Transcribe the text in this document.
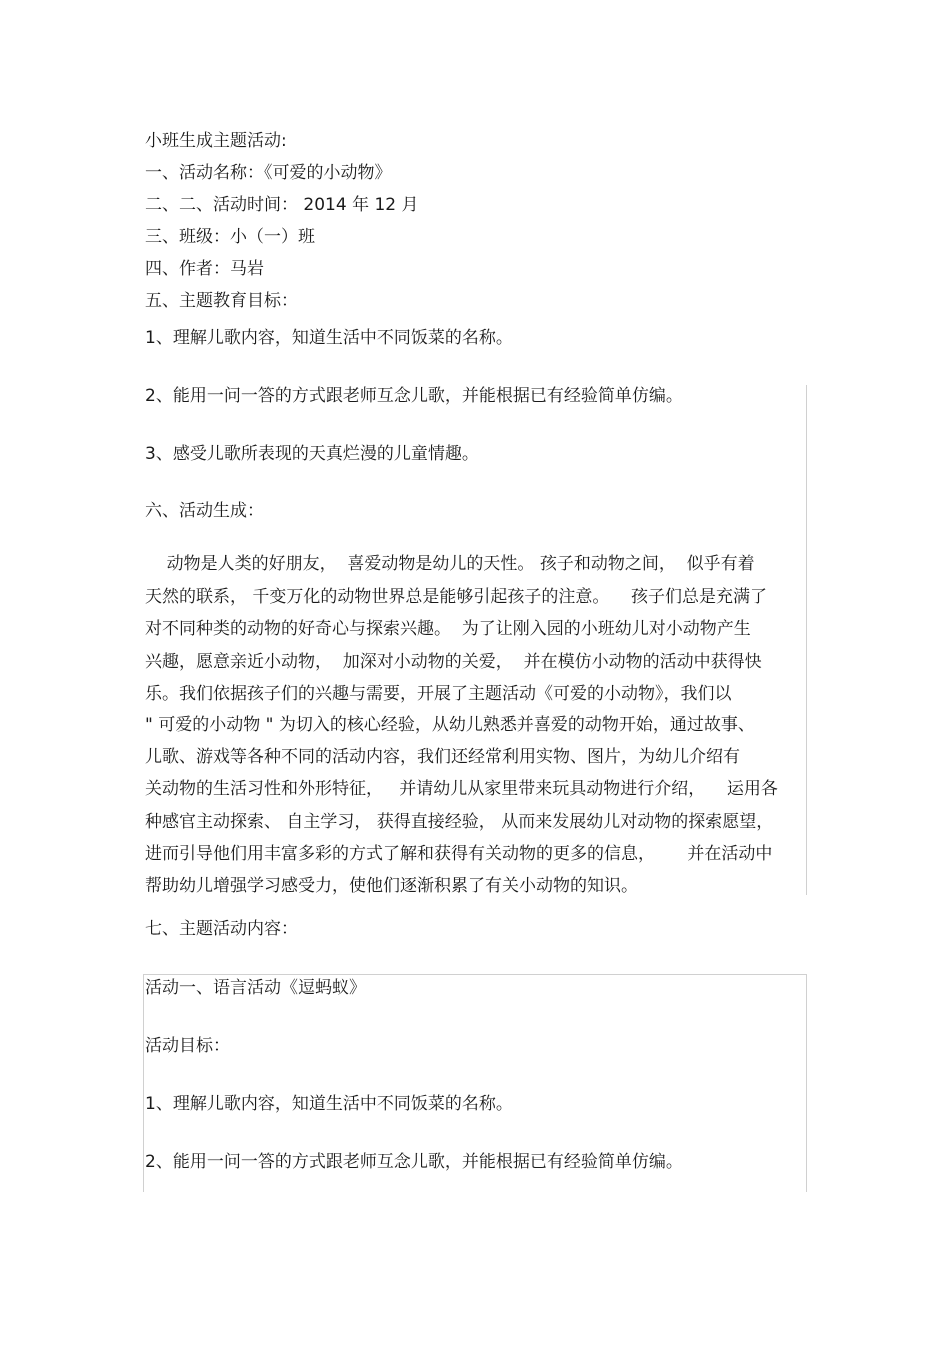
小班生成主题活动:
一、活动名称：《可爱的小动物》
二、二、活动时间： 2014 年 12 月
三、班级：小（一）班
四、作者：马岩
五、主题教育目标：
1、理解儿歌内容，知道生活中不同饭菜的名称。
2、能用一问一答的方式跟老师互念儿歌，并能根据已有经验简单仿编。
3、感受儿歌所表现的天真烂漫的儿童情趣。
六、活动生成：
动物是人类的好朋友，  喜爱动物是幼儿的天性。 孩子和动物之间，  似乎有着
天然的联系， 千变万化的动物世界总是能够引起孩子的注意。    孩子们总是充满了
对不同种类的动物的好奇心与探索兴趣。  为了让刚入园的小班幼儿对小动物产生
兴趣，愿意亲近小动物，  加深对小动物的关爱，  并在模仿小动物的活动中获得快
乐。我们依据孩子们的兴趣与需要，开展了主题活动《可爱的小动物》，我们以
" 可爱的小动物 " 为切入的核心经验，从幼儿熟悉并喜爱的动物开始，通过故事、
儿歌、游戏等各种不同的活动内容，我们还经常利用实物、图片，为幼儿介绍有
关动物的生活习性和外形特征，   并请幼儿从家里带来玩具动物进行介绍，    运用各
种感官主动探索、 自主学习， 获得直接经验， 从而来发展幼儿对动物的探索愿望，
进而引导他们用丰富多彩的方式了解和获得有关动物的更多的信息，      并在活动中
帮助幼儿增强学习感受力，使他们逐渐积累了有关小动物的知识。
七、主题活动内容：
活动一、语言活动《逗蚂蚁》
活动目标：
1、理解儿歌内容，知道生活中不同饭菜的名称。
2、能用一问一答的方式跟老师互念儿歌，并能根据已有经验简单仿编。
